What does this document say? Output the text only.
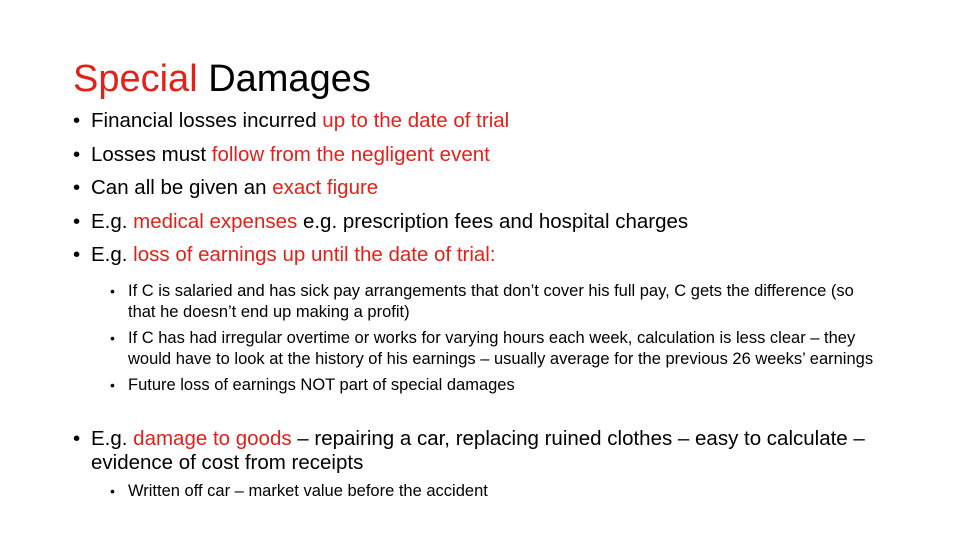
Special Damages
• Financial losses incurred up to the date of trial
• Losses must follow from the negligent event
• Can all be given an exact figure
• E.g. medical expenses e.g. prescription fees and hospital charges
• E.g. loss of earnings up until the date of trial:
• If C is salaried and has sick pay arrangements that don’t cover his full pay, C gets the difference (so that he doesn’t end up making a profit)
• If C has had irregular overtime or works for varying hours each week, calculation is less clear – they would have to look at the history of his earnings – usually average for the previous 26 weeks’ earnings
• Future loss of earnings NOT part of special damages
• E.g. damage to goods – repairing a car, replacing ruined clothes – easy to calculate – evidence of cost from receipts
• Written off car – market value before the accident
